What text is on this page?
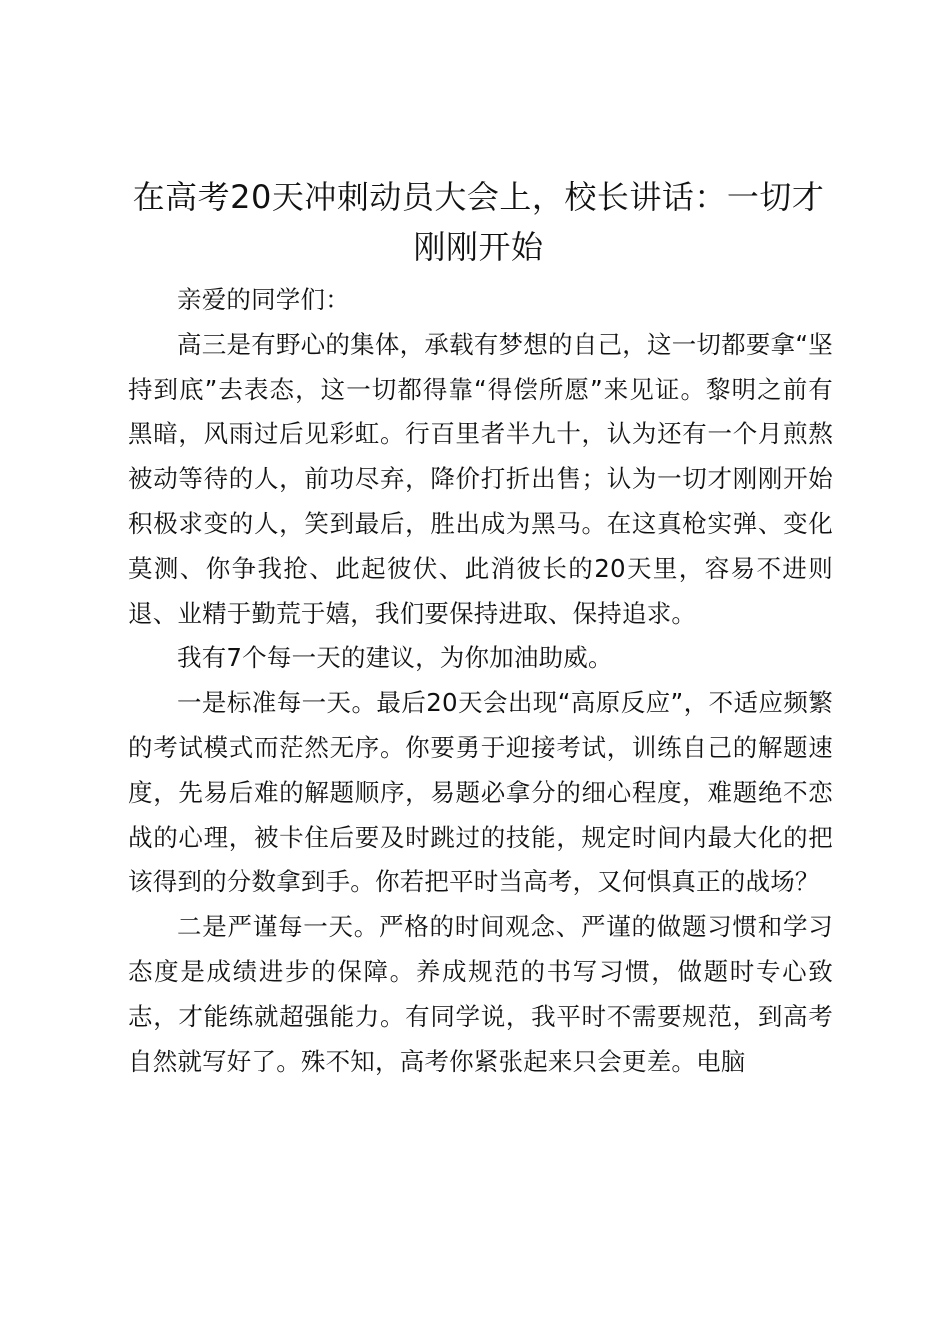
在高考20天冲刺动员大会上，校长讲话：一切才刚刚开始

亲爱的同学们：

高三是有野心的集体，承载有梦想的自己，这一切都要拿“坚持到底”去表态，这一切都得靠“得偿所愿”来见证。黎明之前有黑暗，风雨过后见彩虹。行百里者半九十，认为还有一个月煎熬被动等待的人，前功尽弃，降价打折出售；认为一切才刚刚开始积极求变的人，笑到最后，胜出成为黑马。在这真枪实弹、变化莫测、你争我抢、此起彼伏、此消彼长的20天里，容易不进则退、业精于勤荒于嬉，我们要保持进取、保持追求。

我有7个每一天的建议，为你加油助威。

一是标准每一天。最后20天会出现“高原反应”，不适应频繁的考试模式而茫然无序。你要勇于迎接考试，训练自己的解题速度，先易后难的解题顺序，易题必拿分的细心程度，难题绝不恋战的心理，被卡住后要及时跳过的技能，规定时间内最大化的把该得到的分数拿到手。你若把平时当高考，又何惧真正的战场？

二是严谨每一天。严格的时间观念、严谨的做题习惯和学习态度是成绩进步的保障。养成规范的书写习惯，做题时专心致志，才能练就超强能力。有同学说，我平时不需要规范，到高考自然就写好了。殊不知，高考你紧张起来只会更差。电脑
